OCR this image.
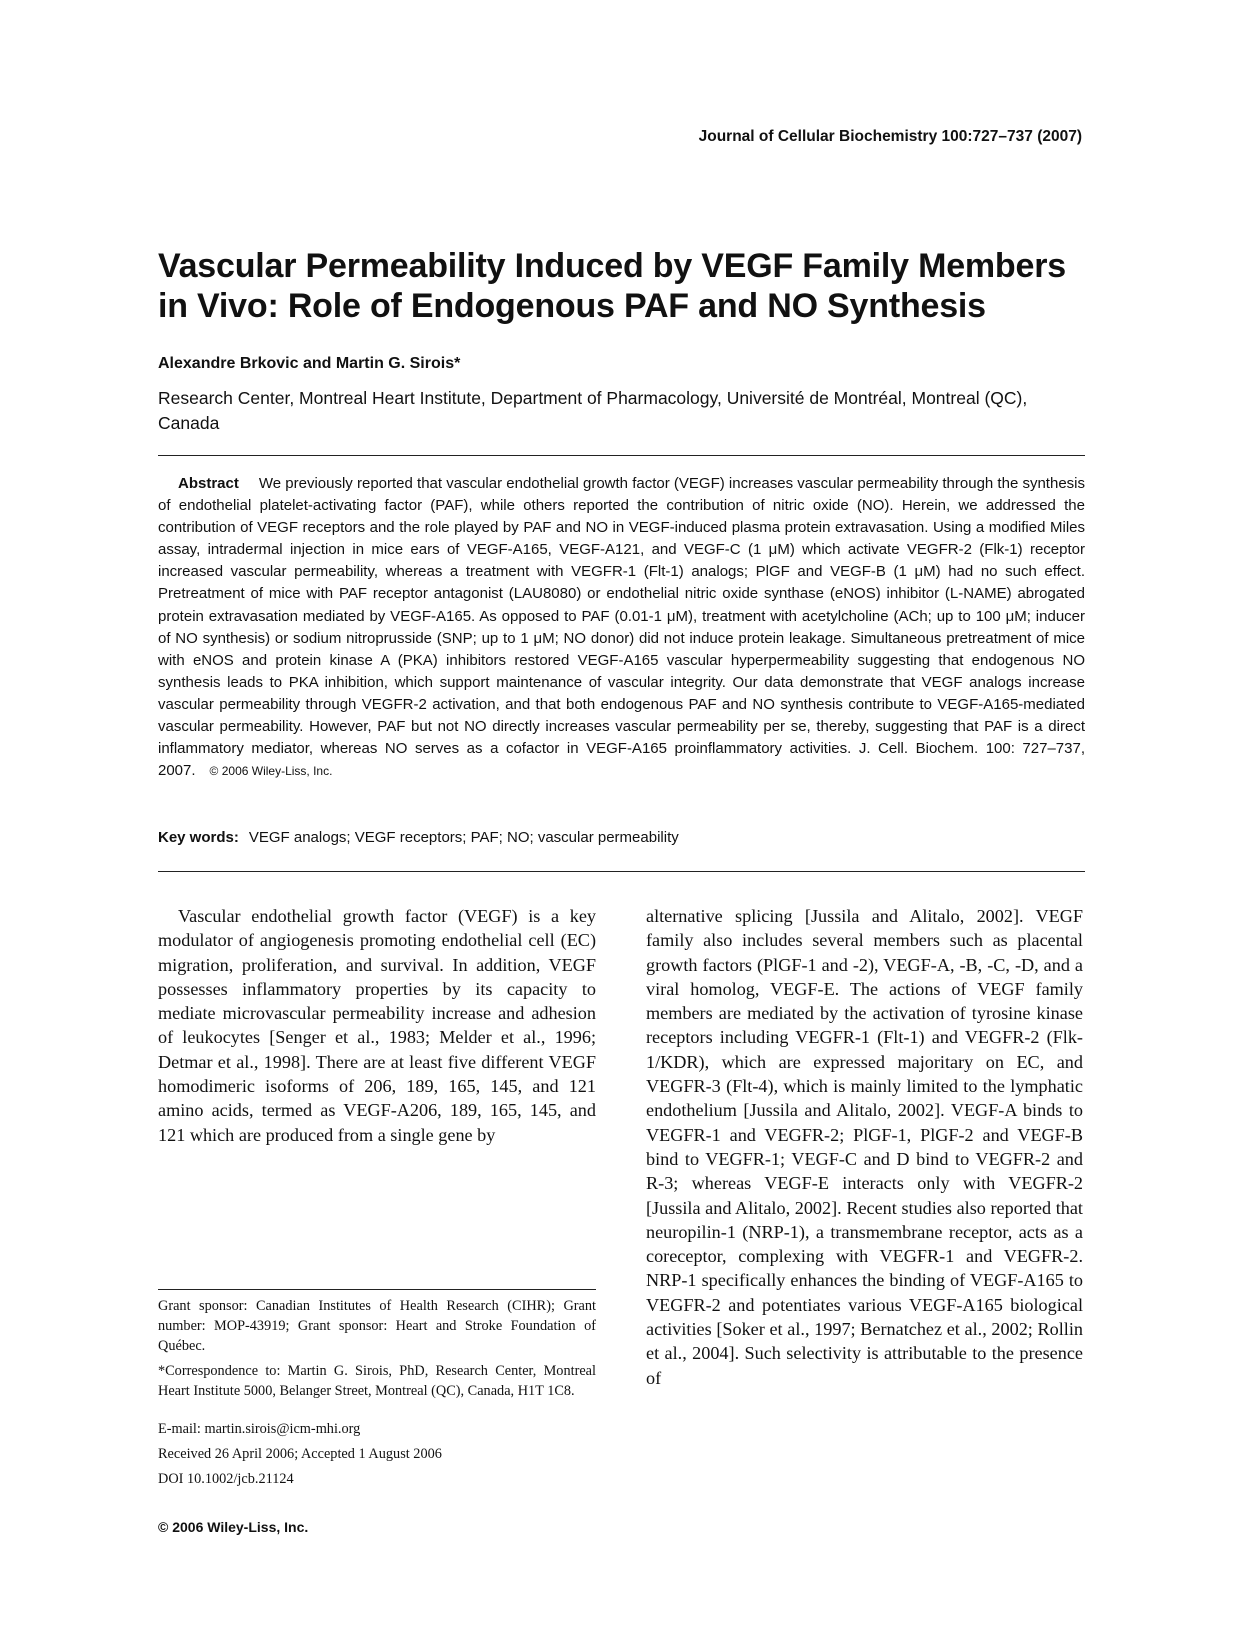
Journal of Cellular Biochemistry 100:727–737 (2007)
Vascular Permeability Induced by VEGF Family Members
in Vivo: Role of Endogenous PAF and NO Synthesis
Alexandre Brkovic and Martin G. Sirois*
Research Center, Montreal Heart Institute, Department of Pharmacology, Université de Montréal, Montreal (QC), Canada
Abstract We previously reported that vascular endothelial growth factor (VEGF) increases vascular permeability through the synthesis of endothelial platelet-activating factor (PAF), while others reported the contribution of nitric oxide (NO). Herein, we addressed the contribution of VEGF receptors and the role played by PAF and NO in VEGF-induced plasma protein extravasation. Using a modified Miles assay, intradermal injection in mice ears of VEGF-A165, VEGF-A121, and VEGF-C (1 μM) which activate VEGFR-2 (Flk-1) receptor increased vascular permeability, whereas a treatment with VEGFR-1 (Flt-1) analogs; PlGF and VEGF-B (1 μM) had no such effect. Pretreatment of mice with PAF receptor antagonist (LAU8080) or endothelial nitric oxide synthase (eNOS) inhibitor (L-NAME) abrogated protein extravasation mediated by VEGF-A165. As opposed to PAF (0.01-1 μM), treatment with acetylcholine (ACh; up to 100 μM; inducer of NO synthesis) or sodium nitroprusside (SNP; up to 1 μM; NO donor) did not induce protein leakage. Simultaneous pretreatment of mice with eNOS and protein kinase A (PKA) inhibitors restored VEGF-A165 vascular hyperpermeability suggesting that endogenous NO synthesis leads to PKA inhibition, which support maintenance of vascular integrity. Our data demonstrate that VEGF analogs increase vascular permeability through VEGFR-2 activation, and that both endogenous PAF and NO synthesis contribute to VEGF-A165-mediated vascular permeability. However, PAF but not NO directly increases vascular permeability per se, thereby, suggesting that PAF is a direct inflammatory mediator, whereas NO serves as a cofactor in VEGF-A165 proinflammatory activities. J. Cell. Biochem. 100: 727–737, 2007. © 2006 Wiley-Liss, Inc.
Key words: VEGF analogs; VEGF receptors; PAF; NO; vascular permeability
Vascular endothelial growth factor (VEGF) is a key modulator of angiogenesis promoting endothelial cell (EC) migration, proliferation, and survival. In addition, VEGF possesses inflammatory properties by its capacity to mediate microvascular permeability increase and adhesion of leukocytes [Senger et al., 1983; Melder et al., 1996; Detmar et al., 1998]. There are at least five different VEGF homodimeric isoforms of 206, 189, 165, 145, and 121 amino acids, termed as VEGF-A206, 189, 165, 145, and 121 which are produced from a single gene by
alternative splicing [Jussila and Alitalo, 2002]. VEGF family also includes several members such as placental growth factors (PlGF-1 and -2), VEGF-A, -B, -C, -D, and a viral homolog, VEGF-E. The actions of VEGF family members are mediated by the activation of tyrosine kinase receptors including VEGFR-1 (Flt-1) and VEGFR-2 (Flk-1/KDR), which are expressed majoritary on EC, and VEGFR-3 (Flt-4), which is mainly limited to the lymphatic endothelium [Jussila and Alitalo, 2002]. VEGF-A binds to VEGFR-1 and VEGFR-2; PlGF-1, PlGF-2 and VEGF-B bind to VEGFR-1; VEGF-C and D bind to VEGFR-2 and R-3; whereas VEGF-E interacts only with VEGFR-2 [Jussila and Alitalo, 2002]. Recent studies also reported that neuropilin-1 (NRP-1), a transmembrane receptor, acts as a coreceptor, complexing with VEGFR-1 and VEGFR-2. NRP-1 specifically enhances the binding of VEGF-A165 to VEGFR-2 and potentiates various VEGF-A165 biological activities [Soker et al., 1997; Bernatchez et al., 2002; Rollin et al., 2004]. Such selectivity is attributable to the presence of
Grant sponsor: Canadian Institutes of Health Research (CIHR); Grant number: MOP-43919; Grant sponsor: Heart and Stroke Foundation of Québec.
*Correspondence to: Martin G. Sirois, PhD, Research Center, Montreal Heart Institute 5000, Belanger Street, Montreal (QC), Canada, H1T 1C8.
E-mail: martin.sirois@icm-mhi.org
Received 26 April 2006; Accepted 1 August 2006
DOI 10.1002/jcb.21124
© 2006 Wiley-Liss, Inc.
